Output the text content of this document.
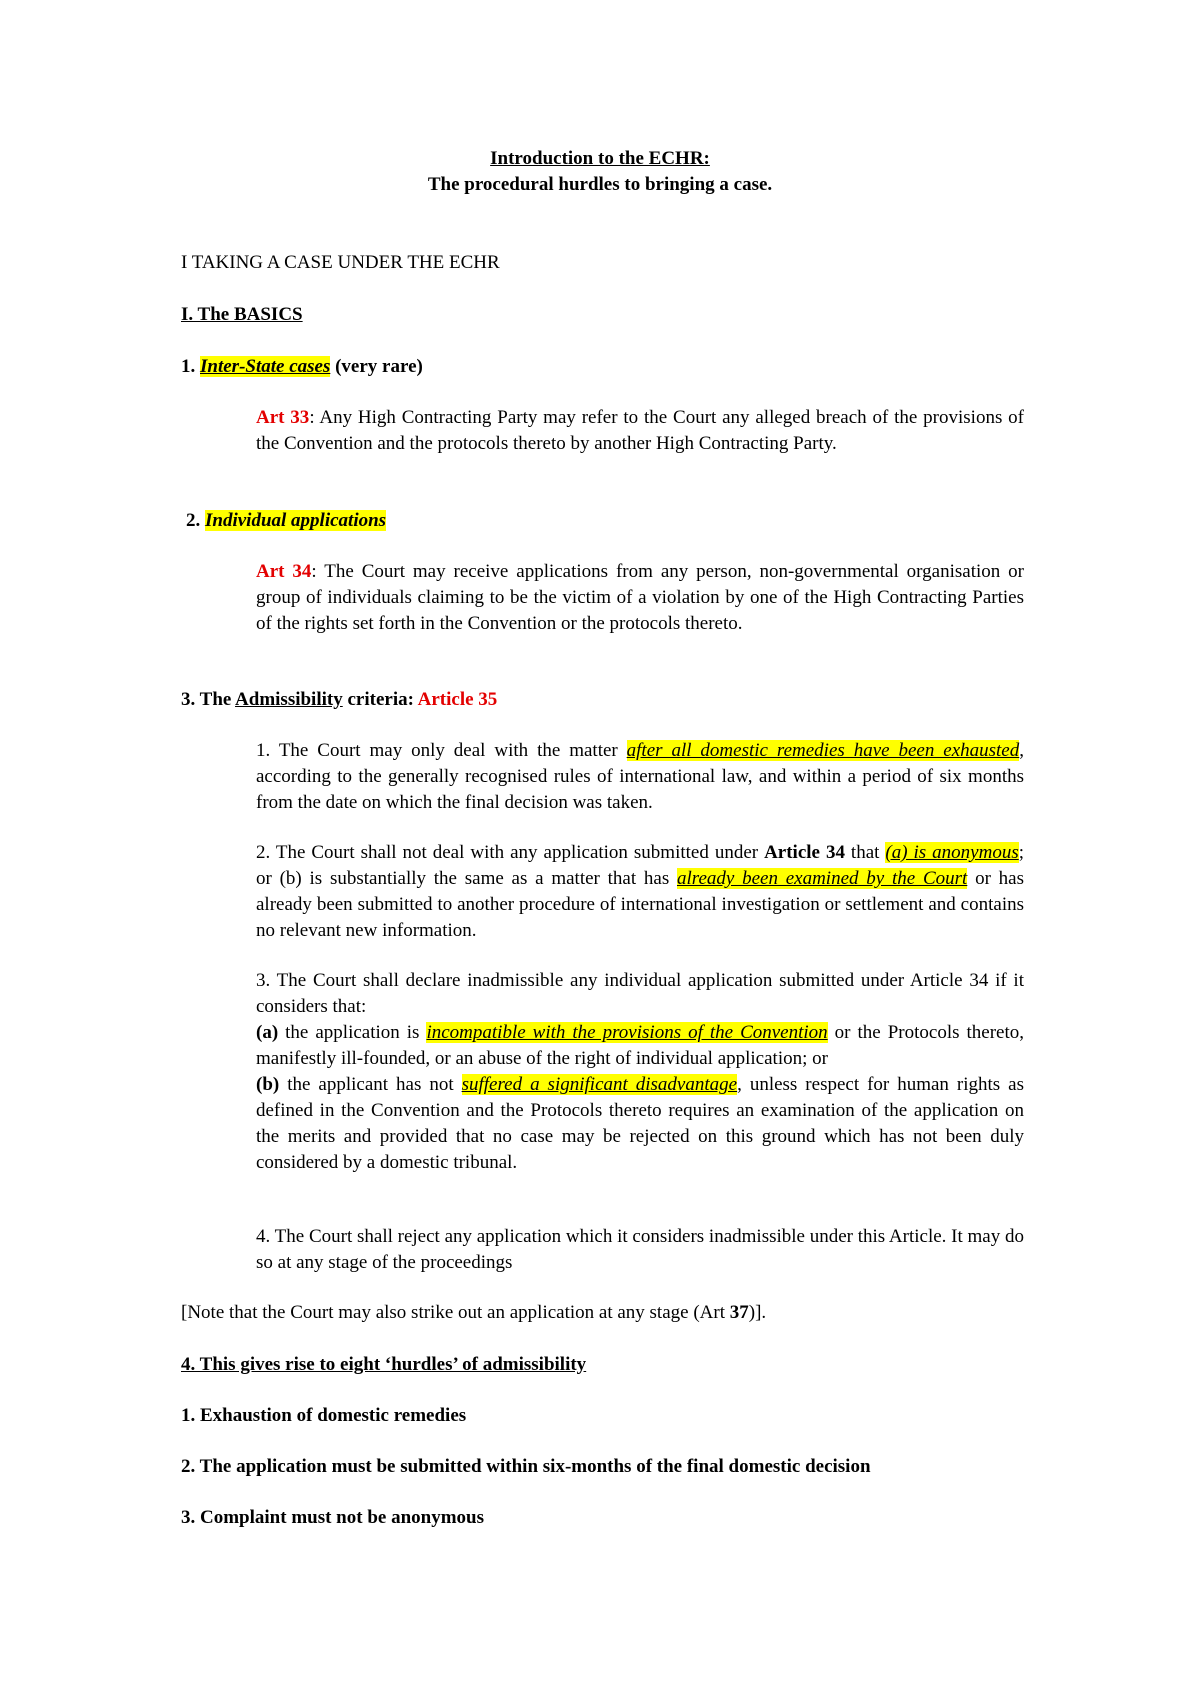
Introduction to the ECHR:
The procedural hurdles to bringing a case.
I TAKING A CASE UNDER THE ECHR
I. The BASICS
1. Inter-State cases (very rare)

Art 33: Any High Contracting Party may refer to the Court any alleged breach of the provisions of the Convention and the protocols thereto by another High Contracting Party.

2. Individual applications

Art 34: The Court may receive applications from any person, non-governmental organisation or group of individuals claiming to be the victim of a violation by one of the High Contracting Parties of the rights set forth in the Convention or the protocols thereto.

3. The Admissibility criteria: Article 35

1. The Court may only deal with the matter after all domestic remedies have been exhausted, according to the generally recognised rules of international law, and within a period of six months from the date on which the final decision was taken.

2. The Court shall not deal with any application submitted under Article 34 that (a) is anonymous; or (b) is substantially the same as a matter that has already been examined by the Court or has already been submitted to another procedure of international investigation or settlement and contains no relevant new information.

3. The Court shall declare inadmissible any individual application submitted under Article 34 if it considers that:
(a) the application is incompatible with the provisions of the Convention or the Protocols thereto, manifestly ill-founded, or an abuse of the right of individual application; or
(b) the applicant has not suffered a significant disadvantage, unless respect for human rights as defined in the Convention and the Protocols thereto requires an examination of the application on the merits and provided that no case may be rejected on this ground which has not been duly considered by a domestic tribunal.

4. The Court shall reject any application which it considers inadmissible under this Article. It may do so at any stage of the proceedings

[Note that the Court may also strike out an application at any stage (Art 37)].

4. This gives rise to eight ‘hurdles’ of admissibility
1. Exhaustion of domestic remedies
2. The application must be submitted within six-months of the final domestic decision
3. Complaint must not be anonymous
